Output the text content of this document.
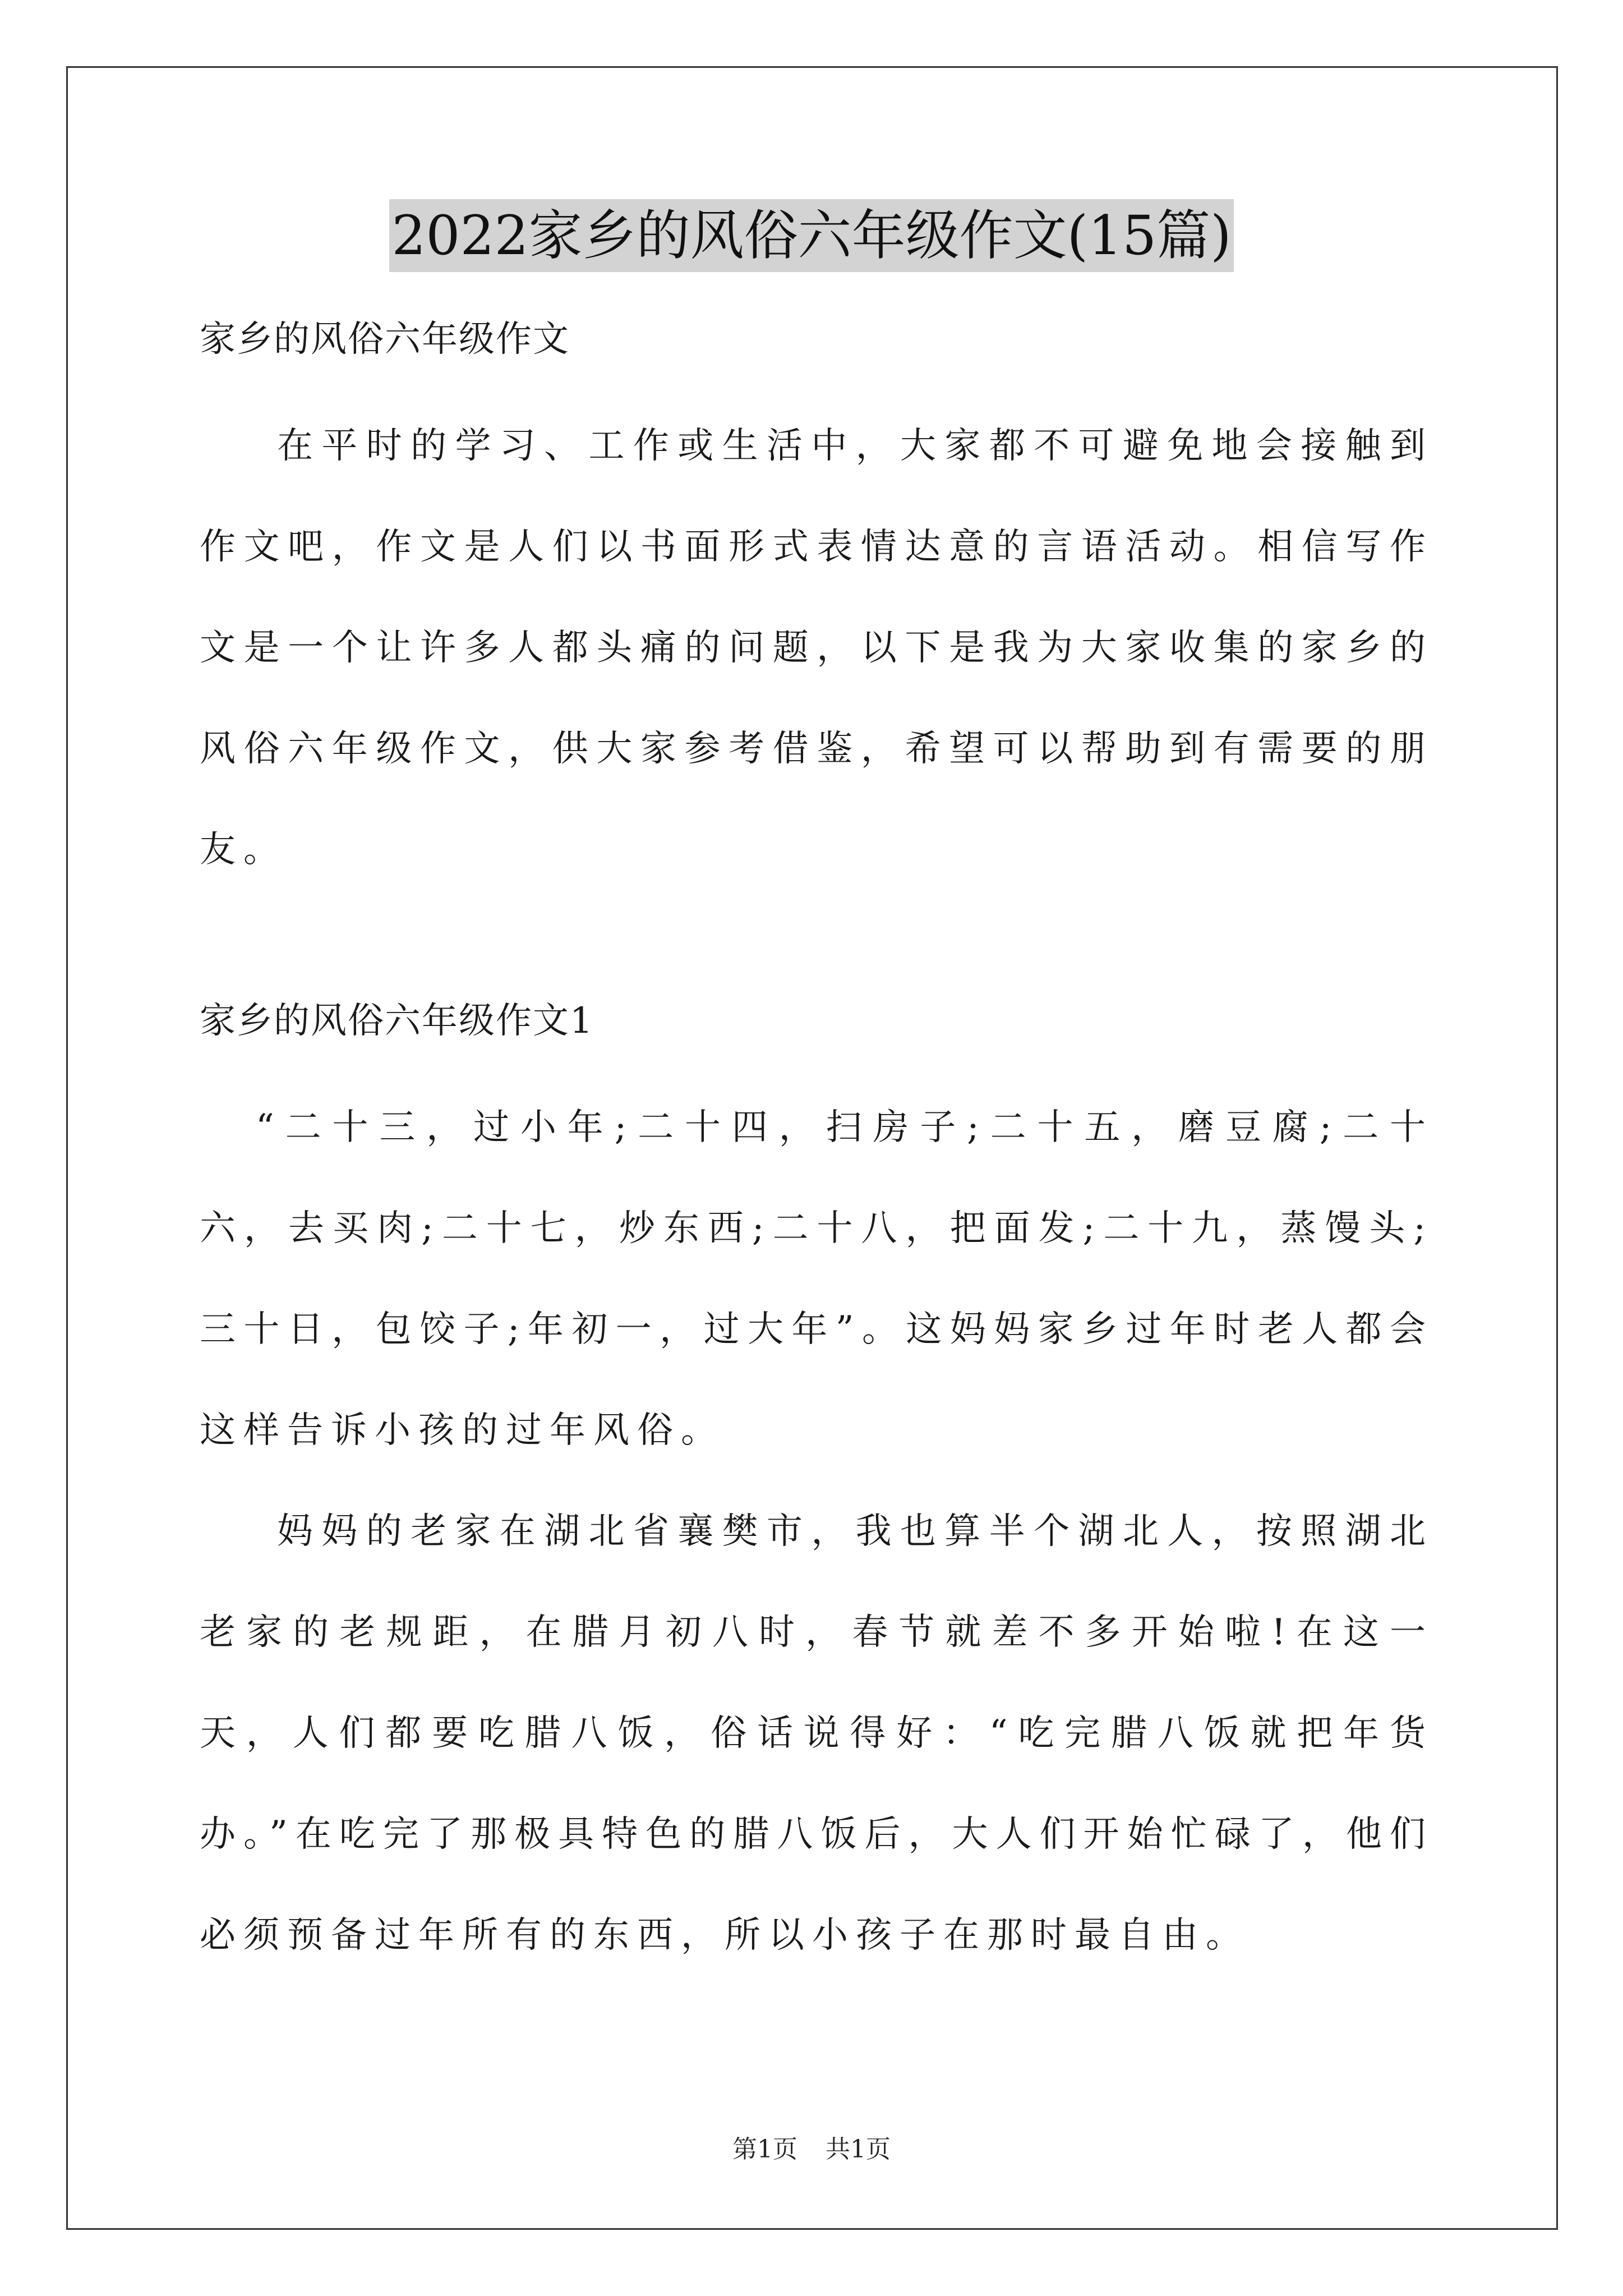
2022家乡的风俗六年级作文(15篇)

家乡的风俗六年级作文

在平时的学习、工作或生活中，大家都不可避免地会接触到作文吧，作文是人们以书面形式表情达意的言语活动。相信写作文是一个让许多人都头痛的问题，以下是我为大家收集的家乡的风俗六年级作文，供大家参考借鉴，希望可以帮助到有需要的朋友。

家乡的风俗六年级作文1

“二十三，过小年;二十四，扫房子;二十五，磨豆腐;二十六，去买肉;二十七，炒东西;二十八，把面发;二十九，蒸馒头;三十日，包饺子;年初一，过大年”。这妈妈家乡过年时老人都会这样告诉小孩的过年风俗。

妈妈的老家在湖北省襄樊市，我也算半个湖北人，按照湖北老家的老规距，在腊月初八时，春节就差不多开始啦!在这一天，人们都要吃腊八饭，俗话说得好：“吃完腊八饭就把年货办。”在吃完了那极具特色的腊八饭后，大人们开始忙碌了，他们必须预备过年所有的东西，所以小孩子在那时最自由。

第1页 共1页
